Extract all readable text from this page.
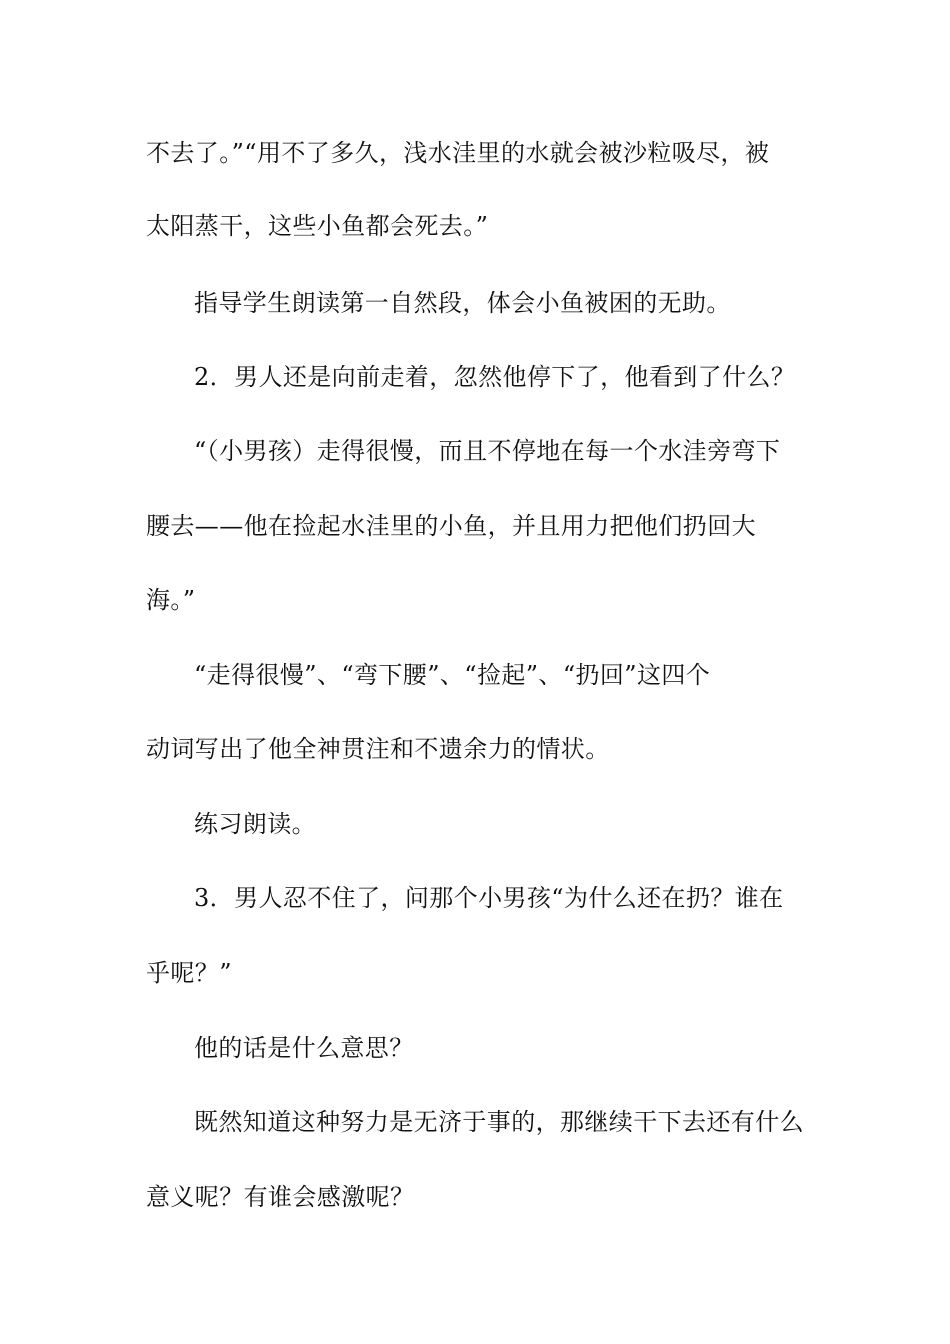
不去了。”“用不了多久，浅水洼里的水就会被沙粒吸尽，被
太阳蒸干，这些小鱼都会死去。”
指导学生朗读第一自然段，体会小鱼被困的无助。
2．男人还是向前走着，忽然他停下了，他看到了什么？
“（小男孩）走得很慢，而且不停地在每一个水洼旁弯下
腰去——他在捡起水洼里的小鱼，并且用力把他们扔回大
海。”
“走得很慢”、“弯下腰”、“捡起”、“扔回”这四个
动词写出了他全神贯注和不遗余力的情状。
练习朗读。
3．男人忍不住了，问那个小男孩“为什么还在扔？谁在
乎呢？”
他的话是什么意思？
既然知道这种努力是无济于事的，那继续干下去还有什么
意义呢？有谁会感激呢？
